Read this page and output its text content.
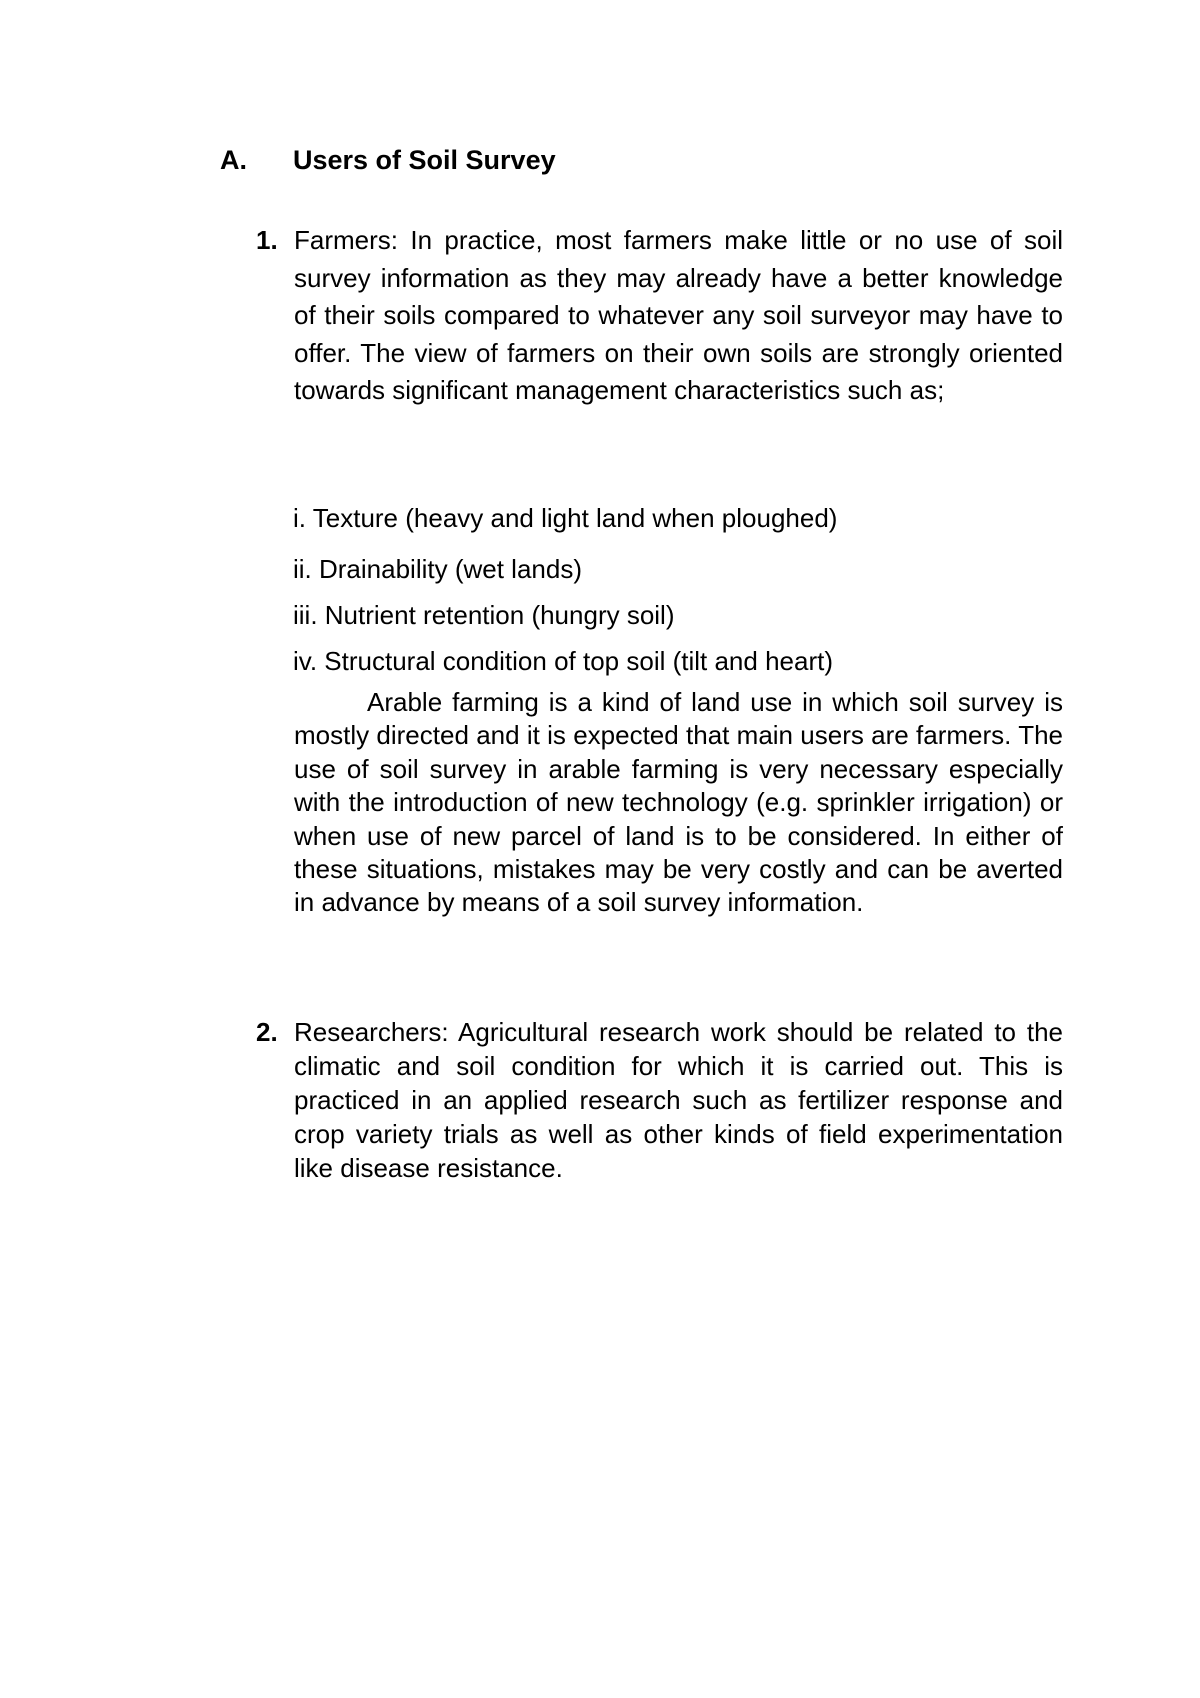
A. Users of Soil Survey
1. Farmers: In practice, most farmers make little or no use of soil survey information as they may already have a better knowledge of their soils compared to whatever any soil surveyor may have to offer. The view of farmers on their own soils are strongly oriented towards significant management characteristics such as;
i. Texture (heavy and light land when ploughed)
ii. Drainability (wet lands)
iii. Nutrient retention (hungry soil)
iv. Structural condition of top soil (tilt and heart)
Arable farming is a kind of land use in which soil survey is mostly directed and it is expected that main users are farmers. The use of soil survey in arable farming is very necessary especially with the introduction of new technology (e.g. sprinkler irrigation) or when use of new parcel of land is to be considered. In either of these situations, mistakes may be very costly and can be averted in advance by means of a soil survey information.
2. Researchers: Agricultural research work should be related to the climatic and soil condition for which it is carried out. This is practiced in an applied research such as fertilizer response and crop variety trials as well as other kinds of field experimentation like disease resistance.
